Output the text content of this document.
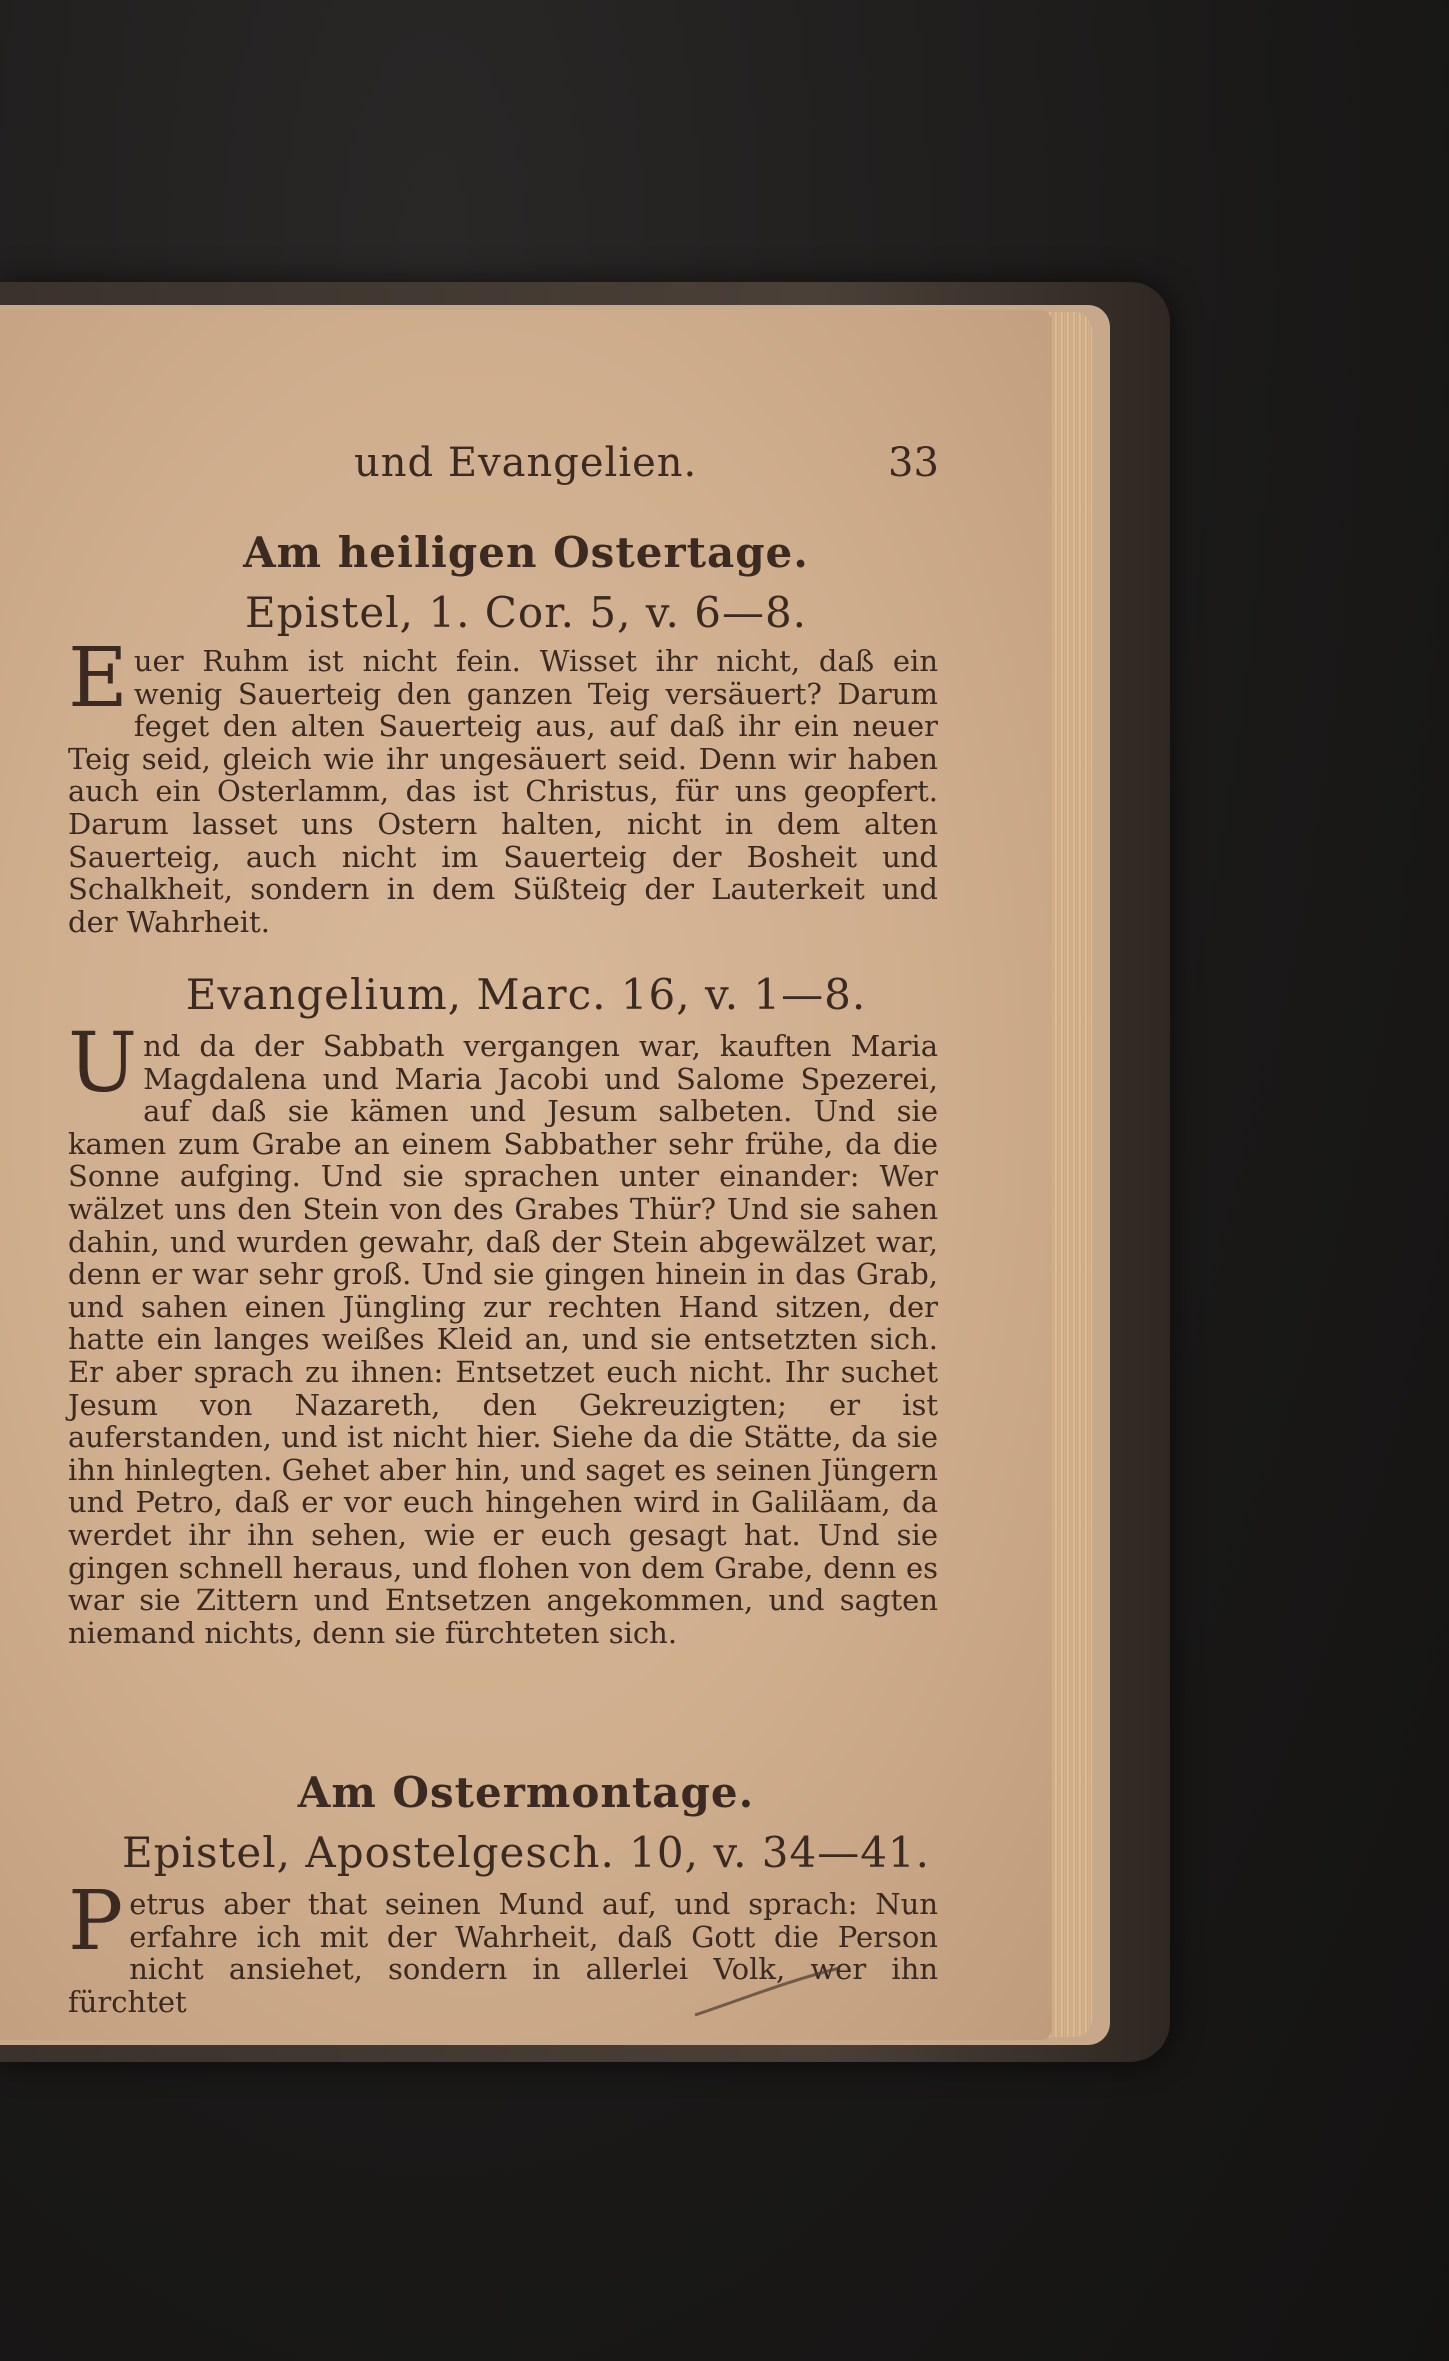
und Evangelien.	33
Am heiligen Ostertage.
Epistel, 1. Cor. 5, v. 6—8.

Euer Ruhm ist nicht fein. Wisset ihr nicht, daß ein wenig Sauerteig den ganzen Teig versäuert? Darum feget den alten Sauerteig aus, auf daß ihr ein neuer Teig seid, gleich wie ihr ungesäuert seid. Denn wir haben auch ein Osterlamm, das ist Christus, für uns geopfert. Darum lasset uns Ostern halten, nicht in dem alten Sauerteig, auch nicht im Sauerteig der Bosheit und Schalkheit, sondern in dem Süßteig der Lauterkeit und der Wahrheit.

Evangelium, Marc. 16, v. 1—8.

Und da der Sabbath vergangen war, kauften Maria Magdalena und Maria Jacobi und Salome Spezerei, auf daß sie kämen und Jesum salbeten. Und sie kamen zum Grabe an einem Sabbather sehr frühe, da die Sonne aufging. Und sie sprachen unter einander: Wer wälzet uns den Stein von des Grabes Thür? Und sie sahen dahin, und wurden gewahr, daß der Stein abgewälzet war, denn er war sehr groß. Und sie gingen hinein in das Grab, und sahen einen Jüngling zur rechten Hand sitzen, der hatte ein langes weißes Kleid an, und sie entsetzten sich. Er aber sprach zu ihnen: Entsetzet euch nicht. Ihr suchet Jesum von Nazareth, den Gekreuzigten; er ist auferstanden, und ist nicht hier. Siehe da die Stätte, da sie ihn hinlegten. Gehet aber hin, und saget es seinen Jüngern und Petro, daß er vor euch hingehen wird in Galiläam, da werdet ihr ihn sehen, wie er euch gesagt hat. Und sie gingen schnell heraus, und flohen von dem Grabe, denn es war sie Zittern und Entsetzen angekommen, und sagten niemand nichts, denn sie fürchteten sich.

Am Ostermontage.
Epistel, Apostelgesch. 10, v. 34—41.

Petrus aber that seinen Mund auf, und sprach: Nun erfahre ich mit der Wahrheit, daß Gott die Person nicht ansiehet, sondern in allerlei Volk, wer ihn fürchtet
